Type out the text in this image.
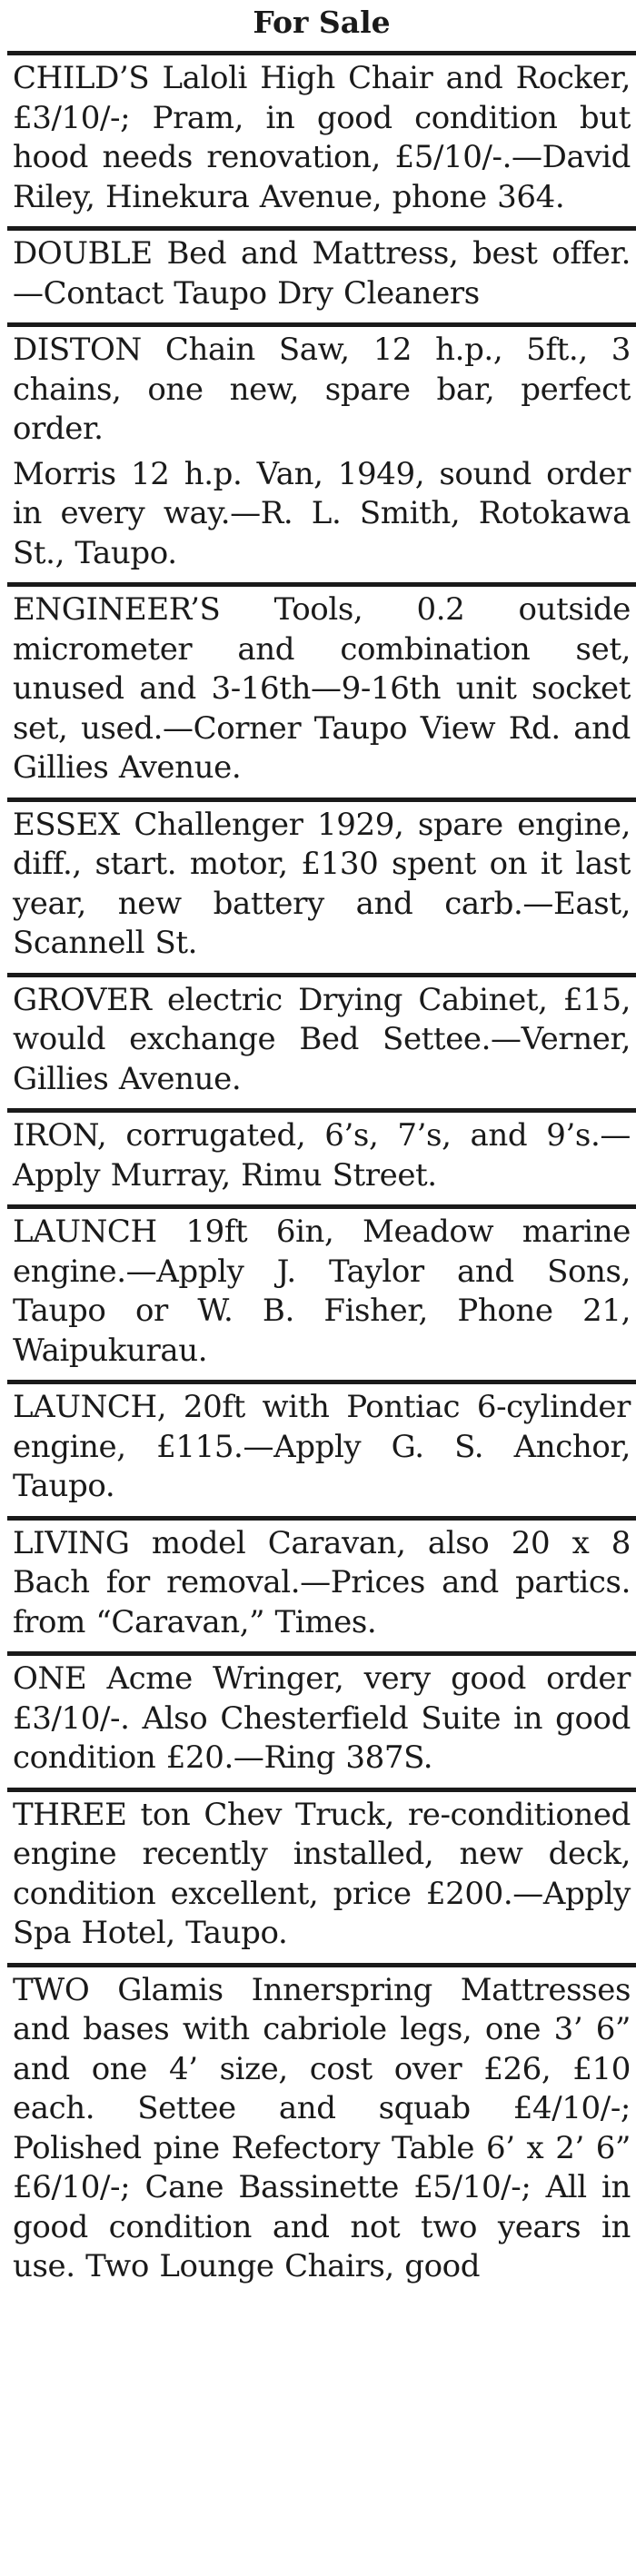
For Sale

CHILD’S Laloli High Chair and Rocker, £3/10/-; Pram, in good condition but hood needs renovation, £5/10/-.—David Riley, Hinekura Avenue, phone 364.

DOUBLE Bed and Mattress, best offer.—Contact Taupo Dry Cleaners

DISTON Chain Saw, 12 h.p., 5ft., 3 chains, one new, spare bar, perfect order.

Morris 12 h.p. Van, 1949, sound order in every way.—R. L. Smith, Rotokawa St., Taupo.

ENGINEER’S Tools, 0.2 outside micrometer and combination set, unused and 3-16th—9-16th unit socket set, used.—Corner Taupo View Rd. and Gillies Avenue.

ESSEX Challenger 1929, spare engine, diff., start. motor, £130 spent on it last year, new battery and carb.—East, Scannell St.

GROVER electric Drying Cabinet, £15, would exchange Bed Settee.—Verner, Gillies Avenue.

IRON, corrugated, 6’s, 7’s, and 9’s.—Apply Murray, Rimu Street.

LAUNCH 19ft 6in, Meadow marine engine.—Apply J. Taylor and Sons, Taupo or W. B. Fisher, Phone 21, Waipukurau.

LAUNCH, 20ft with Pontiac 6-cylinder engine, £115.—Apply G. S. Anchor, Taupo.

LIVING model Caravan, also 20 x 8 Bach for removal.—Prices and partics. from “Caravan,” Times.

ONE Acme Wringer, very good order £3/10/-. Also Chesterfield Suite in good condition £20.—Ring 387S.

THREE ton Chev Truck, re-conditioned engine recently installed, new deck, condition excellent, price £200.—Apply Spa Hotel, Taupo.

TWO Glamis Innerspring Mattresses and bases with cabriole legs, one 3’ 6” and one 4’ size, cost over £26, £10 each. Settee and squab £4/10/-; Polished pine Refectory Table 6’ x 2’ 6” £6/10/-; Cane Bassinette £5/10/-; All in good condition and not two years in use. Two Lounge Chairs, good
